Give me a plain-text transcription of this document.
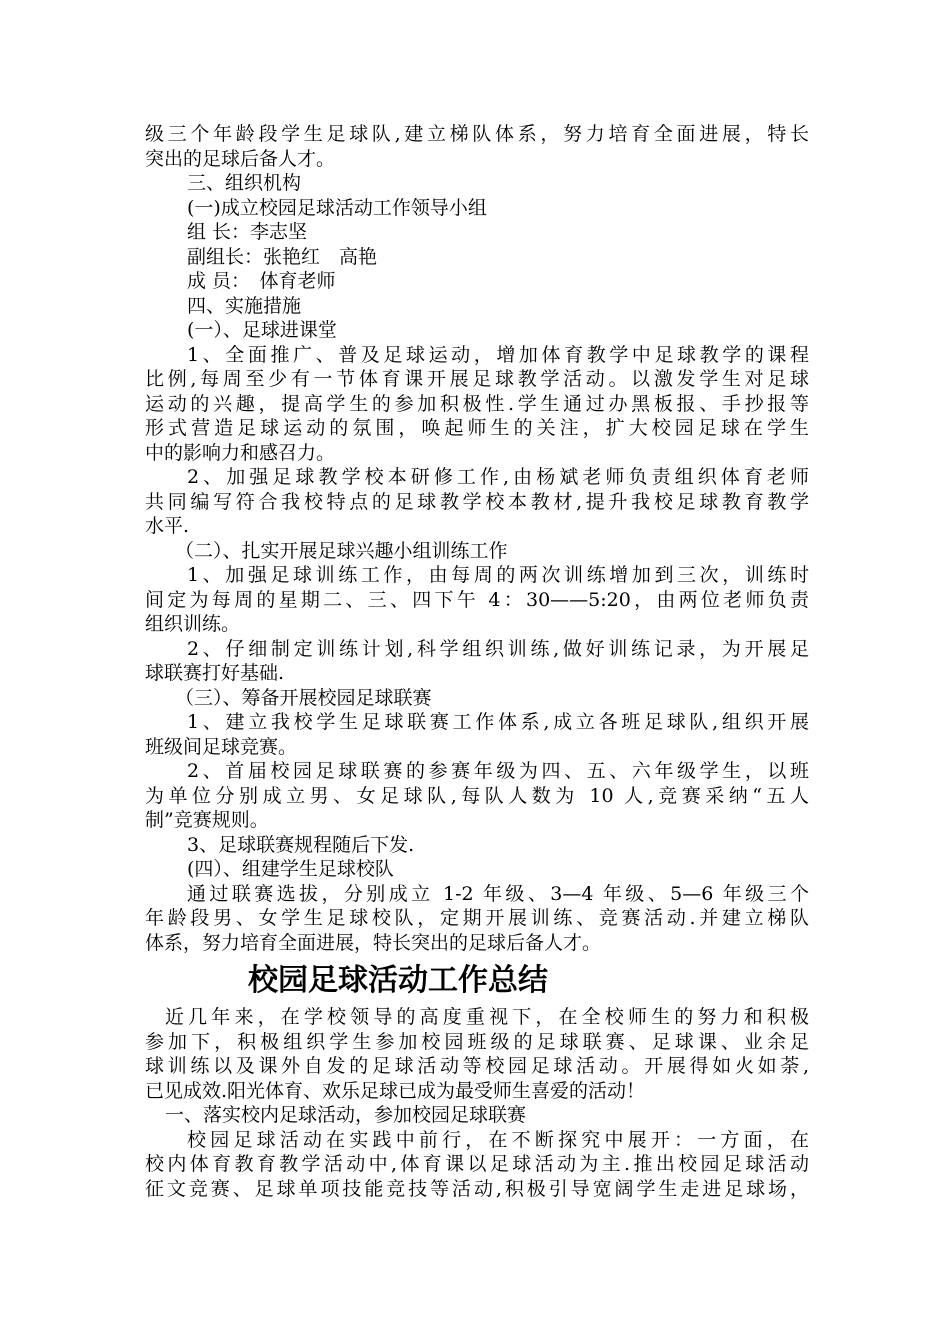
级三个年龄段学生足球队,建立梯队体系，努力培育全面进展，特长

突出的足球后备人才。

三、组织机构

(一)成立校园足球活动工作领导小组

组 长：李志坚

副组长：张艳红　高艳

成 员：　体育老师

四、实施措施

(一）、足球进课堂

1、全面推广、普及足球运动，增加体育教学中足球教学的课程

比例,每周至少有一节体育课开展足球教学活动。以激发学生对足球

运动的兴趣，提高学生的参加积极性.学生通过办黑板报、手抄报等

形式营造足球运动的氛围，唤起师生的关注，扩大校园足球在学生

中的影响力和感召力。

2、加强足球教学校本研修工作,由杨斌老师负责组织体育老师

共同编写符合我校特点的足球教学校本教材,提升我校足球教育教学

水平.

（二）、扎实开展足球兴趣小组训练工作

1、加强足球训练工作，由每周的两次训练增加到三次，训练时

间定为每周的星期二、三、四下午 4：30——5:20，由两位老师负责

组织训练。

2、仔细制定训练计划,科学组织训练,做好训练记录，为开展足

球联赛打好基础.

（三）、筹备开展校园足球联赛

1、建立我校学生足球联赛工作体系,成立各班足球队,组织开展

班级间足球竞赛。

2、首届校园足球联赛的参赛年级为四、五、六年级学生，以班

为单位分别成立男、女足球队,每队人数为 10 人,竞赛采纳“五人

制”竞赛规则。

3、足球联赛规程随后下发.

(四）、组建学生足球校队

通过联赛选拔，分别成立 1-2 年级、3—4 年级、5—6 年级三个

年龄段男、女学生足球校队，定期开展训练、竞赛活动.并建立梯队

体系，努力培育全面进展，特长突出的足球后备人才。

校园足球活动工作总结

近几年来，在学校领导的高度重视下，在全校师生的努力和积极

参加下，积极组织学生参加校园班级的足球联赛、足球课、业余足

球训练以及课外自发的足球活动等校园足球活动。开展得如火如荼,

已见成效.阳光体育、欢乐足球已成为最受师生喜爱的活动！

一、落实校内足球活动，参加校园足球联赛

校园足球活动在实践中前行，在不断探究中展开：一方面，在

校内体育教育教学活动中,体育课以足球活动为主.推出校园足球活动

征文竞赛、足球单项技能竞技等活动,积极引导宽阔学生走进足球场，
